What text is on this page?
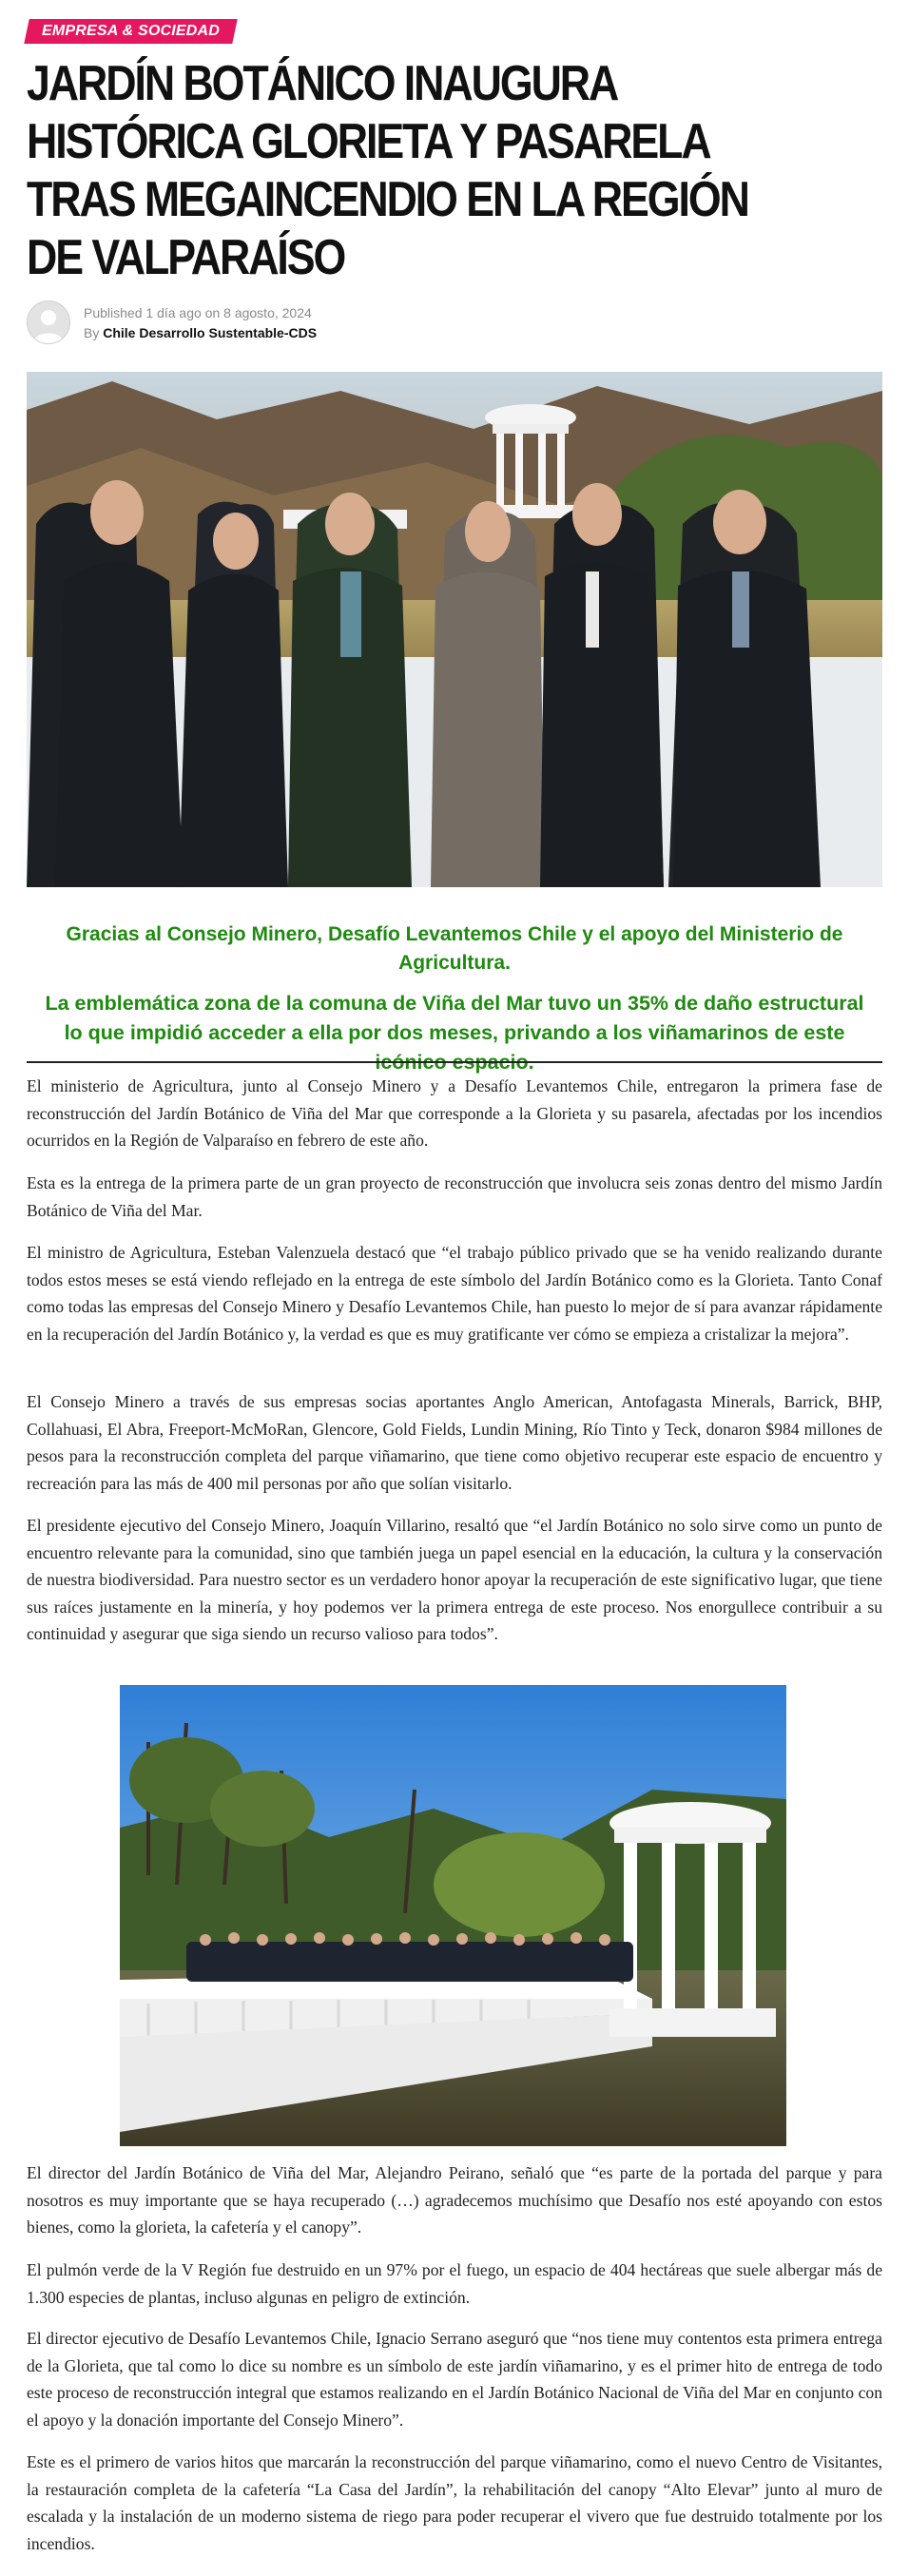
EMPRESA & SOCIEDAD
JARDÍN BOTÁNICO INAUGURA HISTÓRICA GLORIETA Y PASARELA TRAS MEGAINCENDIO EN LA REGIÓN DE VALPARAÍSO
Published 1 día ago on 8 agosto, 2024
By Chile Desarrollo Sustentable-CDS

Gracias al Consejo Minero, Desafío Levantemos Chile y el apoyo del Ministerio de Agricultura.

La emblemática zona de la comuna de Viña del Mar tuvo un 35% de daño estructural lo que impidió acceder a ella por dos meses, privando a los viñamarinos de este icónico espacio.

El ministerio de Agricultura, junto al Consejo Minero y a Desafío Levantemos Chile, entregaron la primera fase de reconstrucción del Jardín Botánico de Viña del Mar que corresponde a la Glorieta y su pasarela, afectadas por los incendios ocurridos en la Región de Valparaíso en febrero de este año.

Esta es la entrega de la primera parte de un gran proyecto de reconstrucción que involucra seis zonas dentro del mismo Jardín Botánico de Viña del Mar.

El ministro de Agricultura, Esteban Valenzuela destacó que “el trabajo público privado que se ha venido realizando durante todos estos meses se está viendo reflejado en la entrega de este símbolo del Jardín Botánico como es la Glorieta. Tanto Conaf como todas las empresas del Consejo Minero y Desafío Levantemos Chile, han puesto lo mejor de sí para avanzar rápidamente en la recuperación del Jardín Botánico y, la verdad es que es muy gratificante ver cómo se empieza a cristalizar la mejora”.

El Consejo Minero a través de sus empresas socias aportantes Anglo American, Antofagasta Minerals, Barrick, BHP, Collahuasi, El Abra, Freeport-McMoRan, Glencore, Gold Fields, Lundin Mining, Río Tinto y Teck, donaron $984 millones de pesos para la reconstrucción completa del parque viñamarino, que tiene como objetivo recuperar este espacio de encuentro y recreación para las más de 400 mil personas por año que solían visitarlo.

El presidente ejecutivo del Consejo Minero, Joaquín Villarino, resaltó que “el Jardín Botánico no solo sirve como un punto de encuentro relevante para la comunidad, sino que también juega un papel esencial en la educación, la cultura y la conservación de nuestra biodiversidad. Para nuestro sector es un verdadero honor apoyar la recuperación de este significativo lugar, que tiene sus raíces justamente en la minería, y hoy podemos ver la primera entrega de este proceso. Nos enorgullece contribuir a su continuidad y asegurar que siga siendo un recurso valioso para todos”.

El director del Jardín Botánico de Viña del Mar, Alejandro Peirano, señaló que “es parte de la portada del parque y para nosotros es muy importante que se haya recuperado (…) agradecemos muchísimo que Desafío nos esté apoyando con estos bienes, como la glorieta, la cafetería y el canopy”.

El pulmón verde de la V Región fue destruido en un 97% por el fuego, un espacio de 404 hectáreas que suele albergar más de 1.300 especies de plantas, incluso algunas en peligro de extinción.

El director ejecutivo de Desafío Levantemos Chile, Ignacio Serrano aseguró que “nos tiene muy contentos esta primera entrega de la Glorieta, que tal como lo dice su nombre es un símbolo de este jardín viñamarino, y es el primer hito de entrega de todo este proceso de reconstrucción integral que estamos realizando en el Jardín Botánico Nacional de Viña del Mar en conjunto con el apoyo y la donación importante del Consejo Minero”.

Este es el primero de varios hitos que marcarán la reconstrucción del parque viñamarino, como el nuevo Centro de Visitantes, la restauración completa de la cafetería “La Casa del Jardín”, la rehabilitación del canopy “Alto Elevar” junto al muro de escalada y la instalación de un moderno sistema de riego para poder recuperar el vivero que fue destruido totalmente por los incendios.
